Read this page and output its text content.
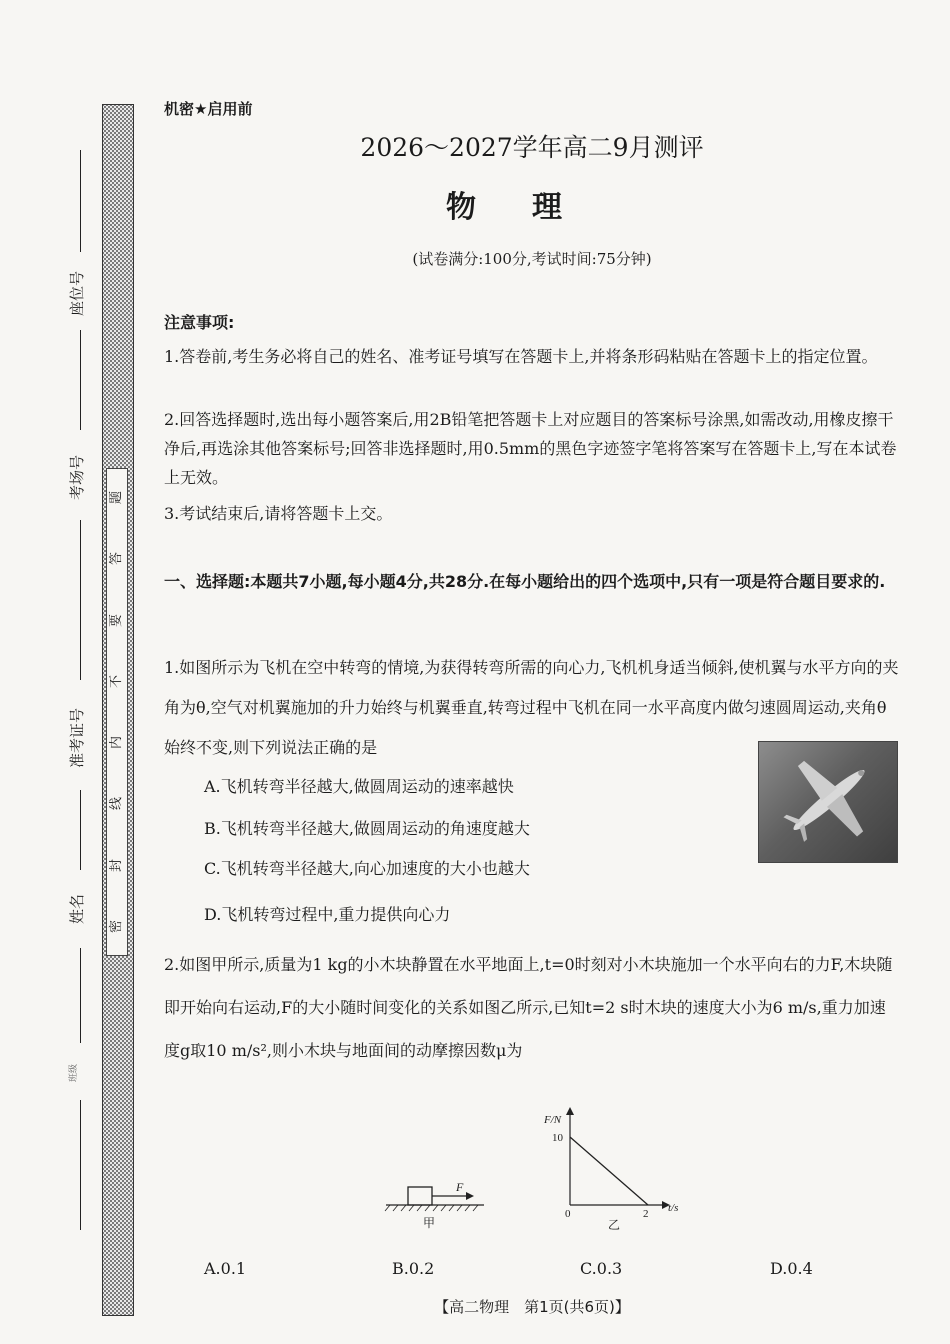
题
答
要
不
内
线
封
密
座位号
考场号
准考证号
姓名
班级
机密★启用前
2026～2027学年高二9月测评
物理
(试卷满分:100分,考试时间:75分钟)
注意事项:
1.答卷前,考生务必将自己的姓名、准考证号填写在答题卡上,并将条形码粘贴在答题卡上的指定位置。
2.回答选择题时,选出每小题答案后,用2B铅笔把答题卡上对应题目的答案标号涂黑,如需改动,用橡皮擦干净后,再选涂其他答案标号;回答非选择题时,用0.5mm的黑色字迹签字笔将答案写在答题卡上,写在本试卷上无效。
3.考试结束后,请将答题卡上交。
一、选择题:本题共7小题,每小题4分,共28分.在每小题给出的四个选项中,只有一项是符合题目要求的.
1.如图所示为飞机在空中转弯的情境,为获得转弯所需的向心力,飞机机身适当倾斜,使机翼与水平方向的夹角为θ,空气对机翼施加的升力始终与机翼垂直,转弯过程中飞机在同一水平高度内做匀速圆周运动,夹角θ始终不变,则下列说法正确的是
A.飞机转弯半径越大,做圆周运动的速率越快
B.飞机转弯半径越大,做圆周运动的角速度越大
C.飞机转弯半径越大,向心加速度的大小也越大
D.飞机转弯过程中,重力提供向心力
2.如图甲所示,质量为1 kg的小木块静置在水平地面上,t=0时刻对小木块施加一个水平向右的力F,木块随即开始向右运动,F的大小随时间变化的关系如图乙所示,已知t=2 s时木块的速度大小为6 m/s,重力加速度g取10 m/s²,则小木块与地面间的动摩擦因数μ为
F
甲
F/N
10
0	2 t/s
乙
A.0.1	B.0.2	C.0.3	D.0.4
【高二物理　第1页(共6页)】
